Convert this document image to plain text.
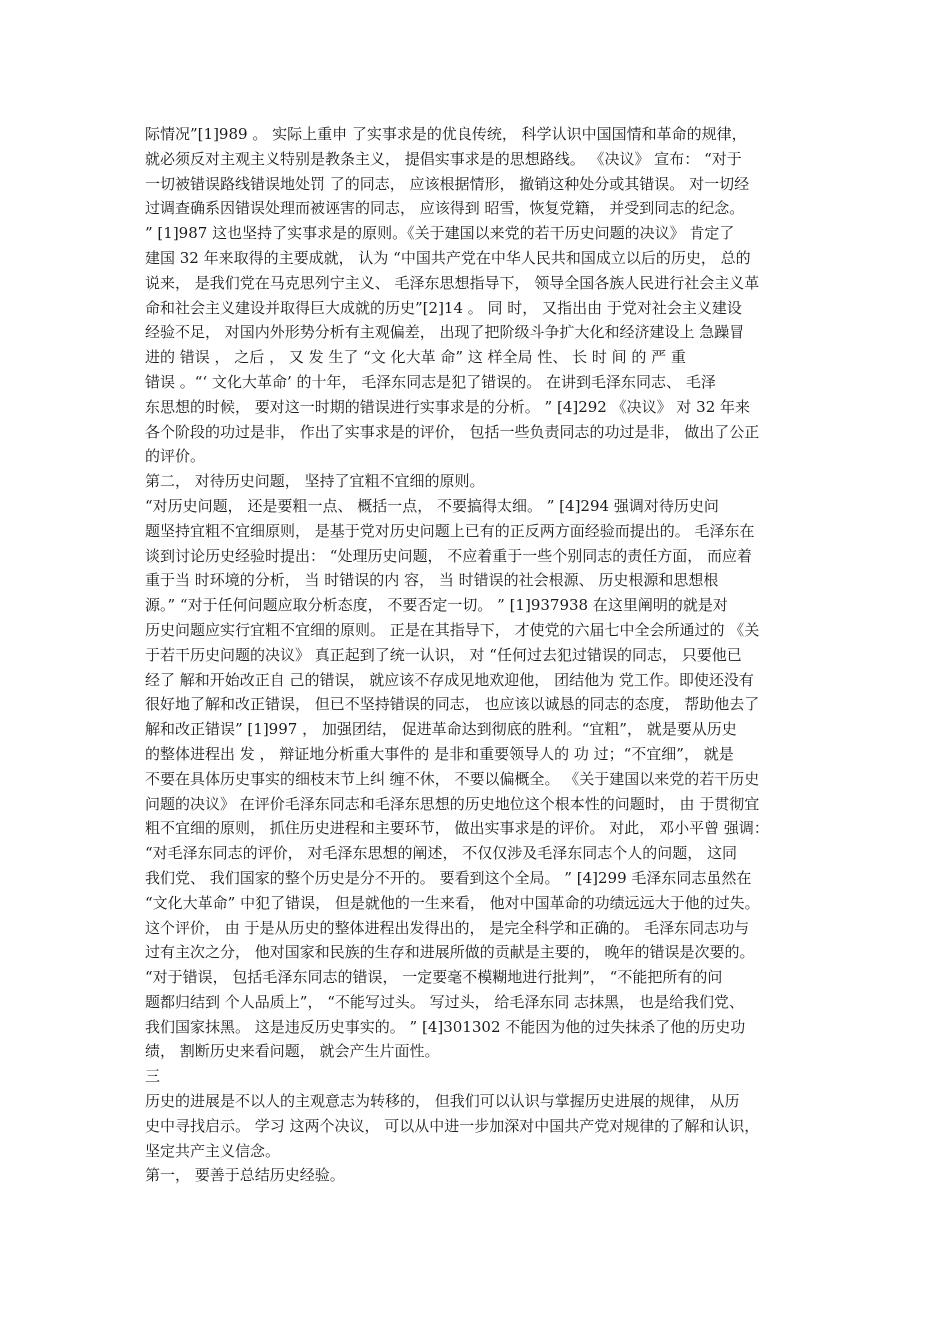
际情况”[1]989 。 实际上重申 了实事求是的优良传统， 科学认识中国国情和革命的规律，
就必须反对主观主义特别是教条主义， 提倡实事求是的思想路线。 《决议》 宣布： “对于
一切被错误路线错误地处罚 了的同志， 应该根据情形， 撤销这种处分或其错误。 对一切经
过调查确系因错误处理而被诬害的同志， 应该得到 昭雪，恢复党籍， 并受到同志的纪念。
” [1]987 这也坚持了实事求是的原则。《关于建国以来党的若干历史问题的决议》 肯定了
建国 32 年来取得的主要成就， 认为 “中国共产党在中华人民共和国成立以后的历史， 总的
说来， 是我们党在马克思列宁主义、 毛泽东思想指导下， 领导全国各族人民进行社会主义革
命和社会主义建设并取得巨大成就的历史”[2]14 。 同 时， 又指出由 于党对社会主义建设
经验不足， 对国内外形势分析有主观偏差， 出现了把阶级斗争扩大化和经济建设上 急躁冒
进的 错误 ， 之后 ， 又 发 生了 “文 化大革 命” 这 样全局 性、 长 时 间 的 严 重
错误 。“‘ 文化大革命’ 的十年， 毛泽东同志是犯了错误的。 在讲到毛泽东同志、 毛泽
东思想的时候， 要对这一时期的错误进行实事求是的分析。 ” [4]292 《决议》 对 32 年来
各个阶段的功过是非， 作出了实事求是的评价， 包括一些负责同志的功过是非， 做出了公正
的评价。
第二， 对待历史问题， 坚持了宜粗不宜细的原则。
“对历史问题， 还是要粗一点、 概括一点， 不要搞得太细。 ” [4]294 强调对待历史问
题坚持宜粗不宜细原则， 是基于党对历史问题上已有的正反两方面经验而提出的。 毛泽东在
谈到讨论历史经验时提出： “处理历史问题， 不应着重于一些个别同志的责任方面， 而应着
重于当 时环境的分析， 当 时错误的内 容， 当 时错误的社会根源、 历史根源和思想根
源。” “对于任何问题应取分析态度， 不要否定一切。 ” [1]937938 在这里阐明的就是对
历史问题应实行宜粗不宜细的原则。 正是在其指导下， 才使党的六届七中全会所通过的 《关
于若干历史问题的决议》 真正起到了统一认识， 对 “任何过去犯过错误的同志， 只要他已
经了 解和开始改正自 己的错误， 就应该不存成见地欢迎他， 团结他为 党工作。即使还没有
很好地了解和改正错误， 但已不坚持错误的同志， 也应该以诚恳的同志的态度， 帮助他去了
解和改正错误” [1]997 ， 加强团结， 促进革命达到彻底的胜利。“宜粗”， 就是要从历史
的整体进程出 发 ， 辩证地分析重大事件的 是非和重要领导人的 功 过；“不宜细”， 就是
不要在具体历史事实的细枝末节上纠 缠不休， 不要以偏概全。 《关于建国以来党的若干历史
问题的决议》 在评价毛泽东同志和毛泽东思想的历史地位这个根本性的问题时， 由 于贯彻宜
粗不宜细的原则， 抓住历史进程和主要环节， 做出实事求是的评价。 对此， 邓小平曾 强调：
“对毛泽东同志的评价， 对毛泽东思想的阐述， 不仅仅涉及毛泽东同志个人的问题， 这同
我们党、 我们国家的整个历史是分不开的。 要看到这个全局。 ” [4]299 毛泽东同志虽然在
“文化大革命” 中犯了错误， 但是就他的一生来看， 他对中国革命的功绩远远大于他的过失。
这个评价， 由 于是从历史的整体进程出发得出的， 是完全科学和正确的。 毛泽东同志功与
过有主次之分， 他对国家和民族的生存和进展所做的贡献是主要的， 晚年的错误是次要的。
“对于错误， 包括毛泽东同志的错误， 一定要毫不模糊地进行批判”， “不能把所有的问
题都归结到 个人品质上”， “不能写过头。 写过头， 给毛泽东同 志抹黑， 也是给我们党、
我们国家抹黑。 这是违反历史事实的。 ” [4]301302 不能因为他的过失抹杀了他的历史功
绩， 割断历史来看问题， 就会产生片面性。
三
历史的进展是不以人的主观意志为转移的， 但我们可以认识与掌握历史进展的规律， 从历
史中寻找启示。 学习 这两个决议， 可以从中进一步加深对中国共产党对规律的了解和认识，
坚定共产主义信念。
第一， 要善于总结历史经验。
